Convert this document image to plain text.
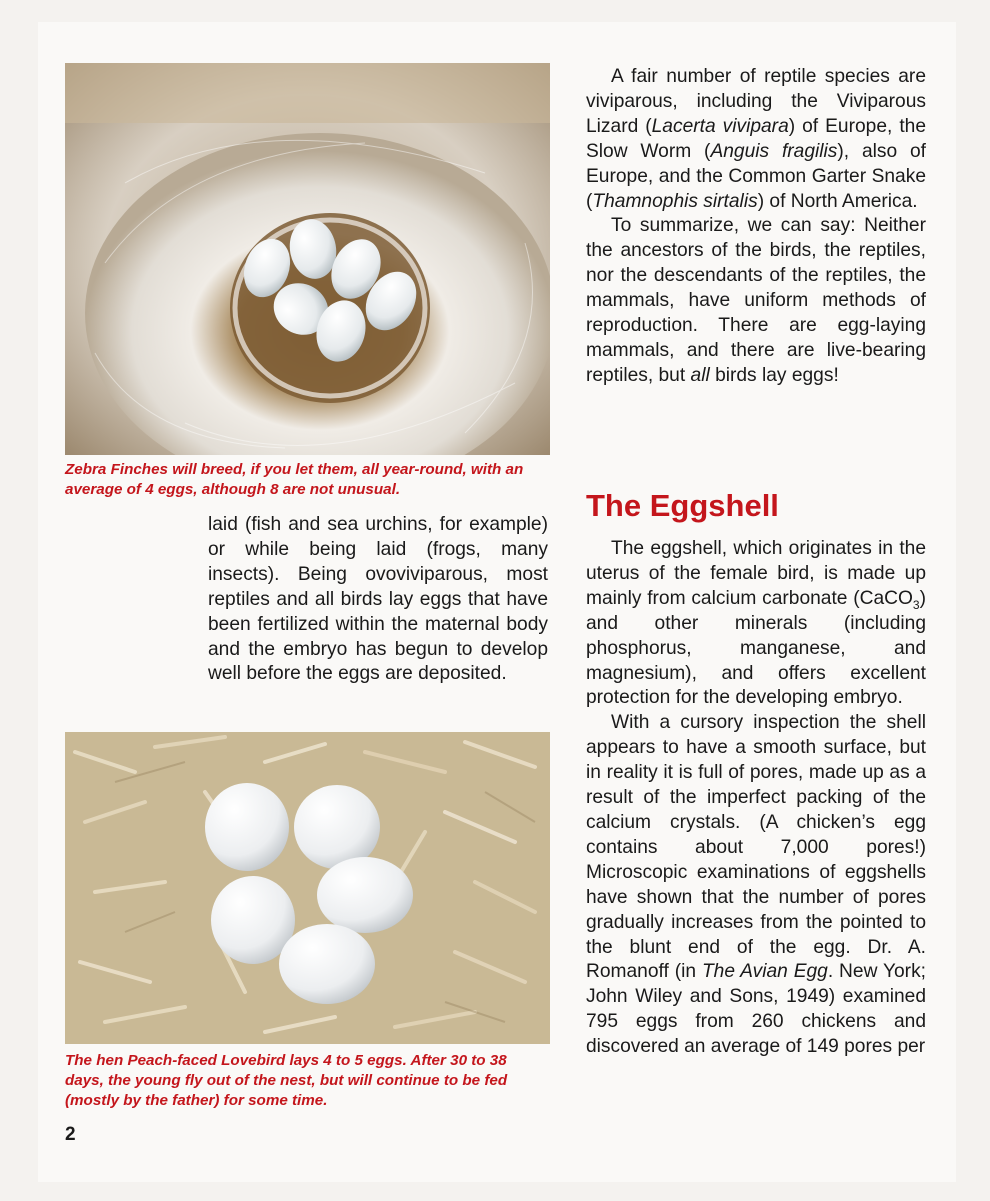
Zebra Finches will breed, if you let them, all year-round, with an average of 4 eggs, although 8 are not unusual.

The hen Peach-faced Lovebird lays 4 to 5 eggs. After 30 to 38 days, the young fly out of the nest, but will continue to be fed (mostly by the father) for some time.

laid (fish and sea urchins, for example) or while being laid (frogs, many insects). Being ovoviviparous, most reptiles and all birds lay eggs that have been fertilized within the maternal body and the embryo has begun to develop well before the eggs are deposited.

A fair number of reptile species are viviparous, including the Viviparous Lizard (Lacerta vivipara) of Europe, the Slow Worm (Anguis fragilis), also of Europe, and the Common Garter Snake (Thamnophis sirtalis) of North America.

To summarize, we can say: Neither the ancestors of the birds, the reptiles, nor the descendants of the reptiles, the mammals, have uniform methods of reproduction. There are egg-laying mammals, and there are live-bearing reptiles, but all birds lay eggs!

The Eggshell

The eggshell, which originates in the uterus of the female bird, is made up mainly from calcium carbonate (CaCO$_3$) and other minerals (including phosphorus, manganese, and magnesium), and offers excellent protection for the developing embryo.

With a cursory inspection the shell appears to have a smooth surface, but in reality it is full of pores, made up as a result of the imperfect packing of the calcium crystals. (A chicken’s egg contains about 7,000 pores!) Microscopic examinations of eggshells have shown that the number of pores gradually increases from the pointed to the blunt end of the egg. Dr. A. Romanoff (in The Avian Egg. New York; John Wiley and Sons, 1949) examined 795 eggs from 260 chickens and discovered an average of 149 pores per

2
